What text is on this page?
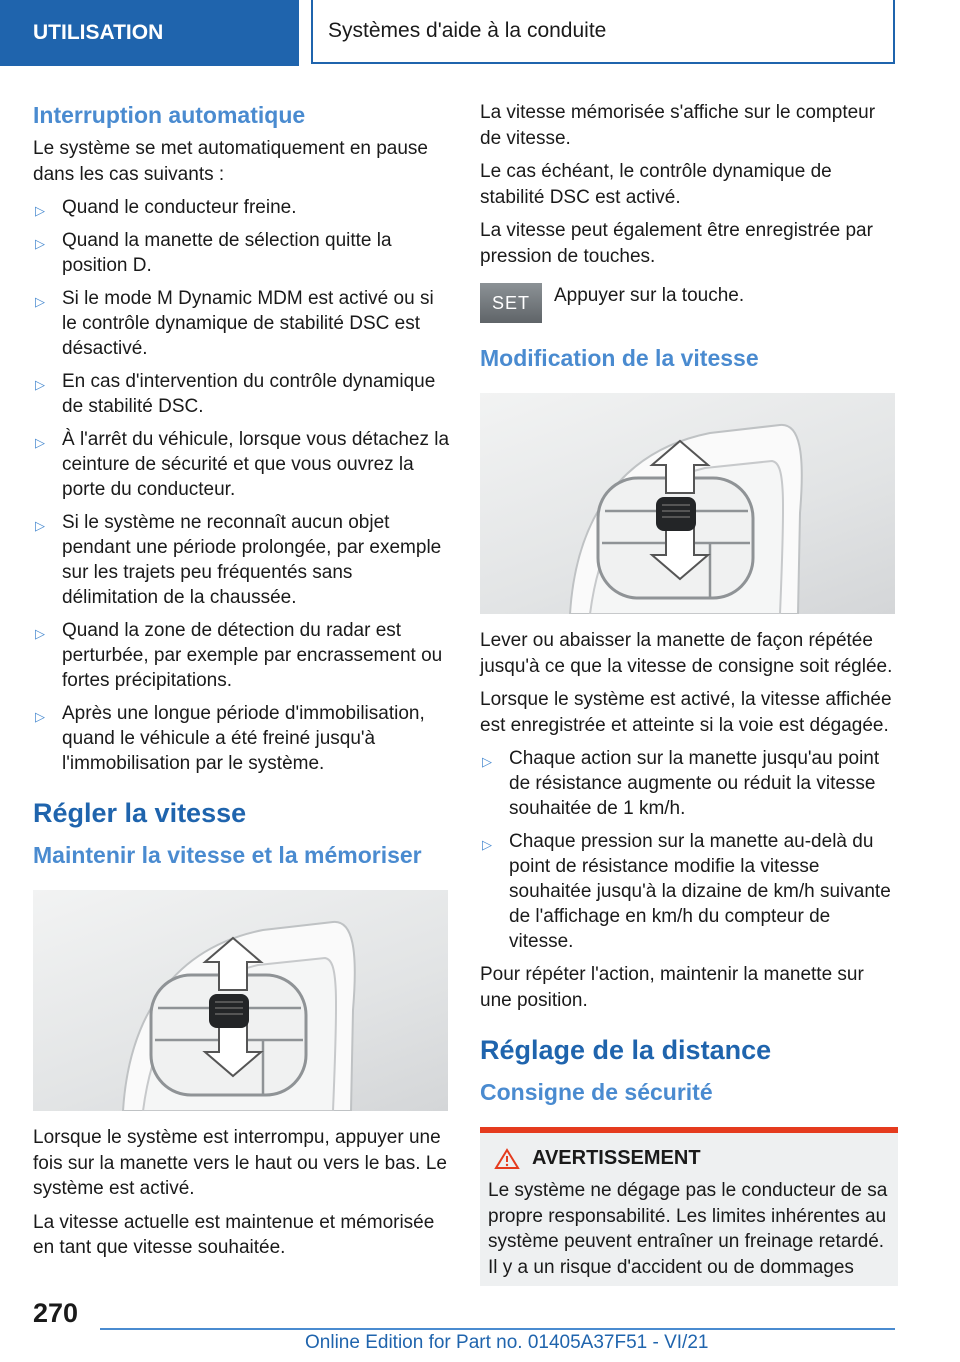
UTILISATION	Systèmes d'aide à la conduite
Interruption automatique

Le système se met automatiquement en pause dans les cas suivants :

▷ Quand le conducteur freine.
▷ Quand la manette de sélection quitte la position D.
▷ Si le mode M Dynamic MDM est activé ou si le contrôle dynamique de stabilité DSC est désactivé.
▷ En cas d'intervention du contrôle dynamique de stabilité DSC.
▷ À l'arrêt du véhicule, lorsque vous détachez la ceinture de sécurité et que vous ouvrez la porte du conducteur.
▷ Si le système ne reconnaît aucun objet pendant une période prolongée, par exemple sur les trajets peu fréquentés sans délimitation de la chaussée.
▷ Quand la zone de détection du radar est perturbée, par exemple par encrassement ou fortes précipitations.
▷ Après une longue période d'immobilisation, quand le véhicule a été freiné jusqu'à l'immobilisation par le système.
Régler la vitesse
Maintenir la vitesse et la mémoriser

Lorsque le système est interrompu, appuyer une fois sur la manette vers le haut ou vers le bas. Le système est activé.

La vitesse actuelle est maintenue et mémorisée en tant que vitesse souhaitée.

La vitesse mémorisée s'affiche sur le compteur de vitesse.

Le cas échéant, le contrôle dynamique de stabilité DSC est activé.

La vitesse peut également être enregistrée par pression de touches.

SET	Appuyer sur la touche.
Modification de la vitesse

Lever ou abaisser la manette de façon répétée jusqu'à ce que la vitesse de consigne soit réglée.

Lorsque le système est activé, la vitesse affichée est enregistrée et atteinte si la voie est dégagée.

▷ Chaque action sur la manette jusqu'au point de résistance augmente ou réduit la vitesse souhaitée de 1 km/h.
▷ Chaque pression sur la manette au-delà du point de résistance modifie la vitesse souhaitée jusqu'à la dizaine de km/h suivante de l'affichage en km/h du compteur de vitesse.

Pour répéter l'action, maintenir la manette sur une position.

Réglage de la distance
Consigne de sécurité
AVERTISSEMENT

Le système ne dégage pas le conducteur de sa propre responsabilité. Les limites inhérentes au système peuvent entraîner un freinage retardé. Il y a un risque d'accident ou de dommages

270
Online Edition for Part no. 01405A37F51 - VI/21
